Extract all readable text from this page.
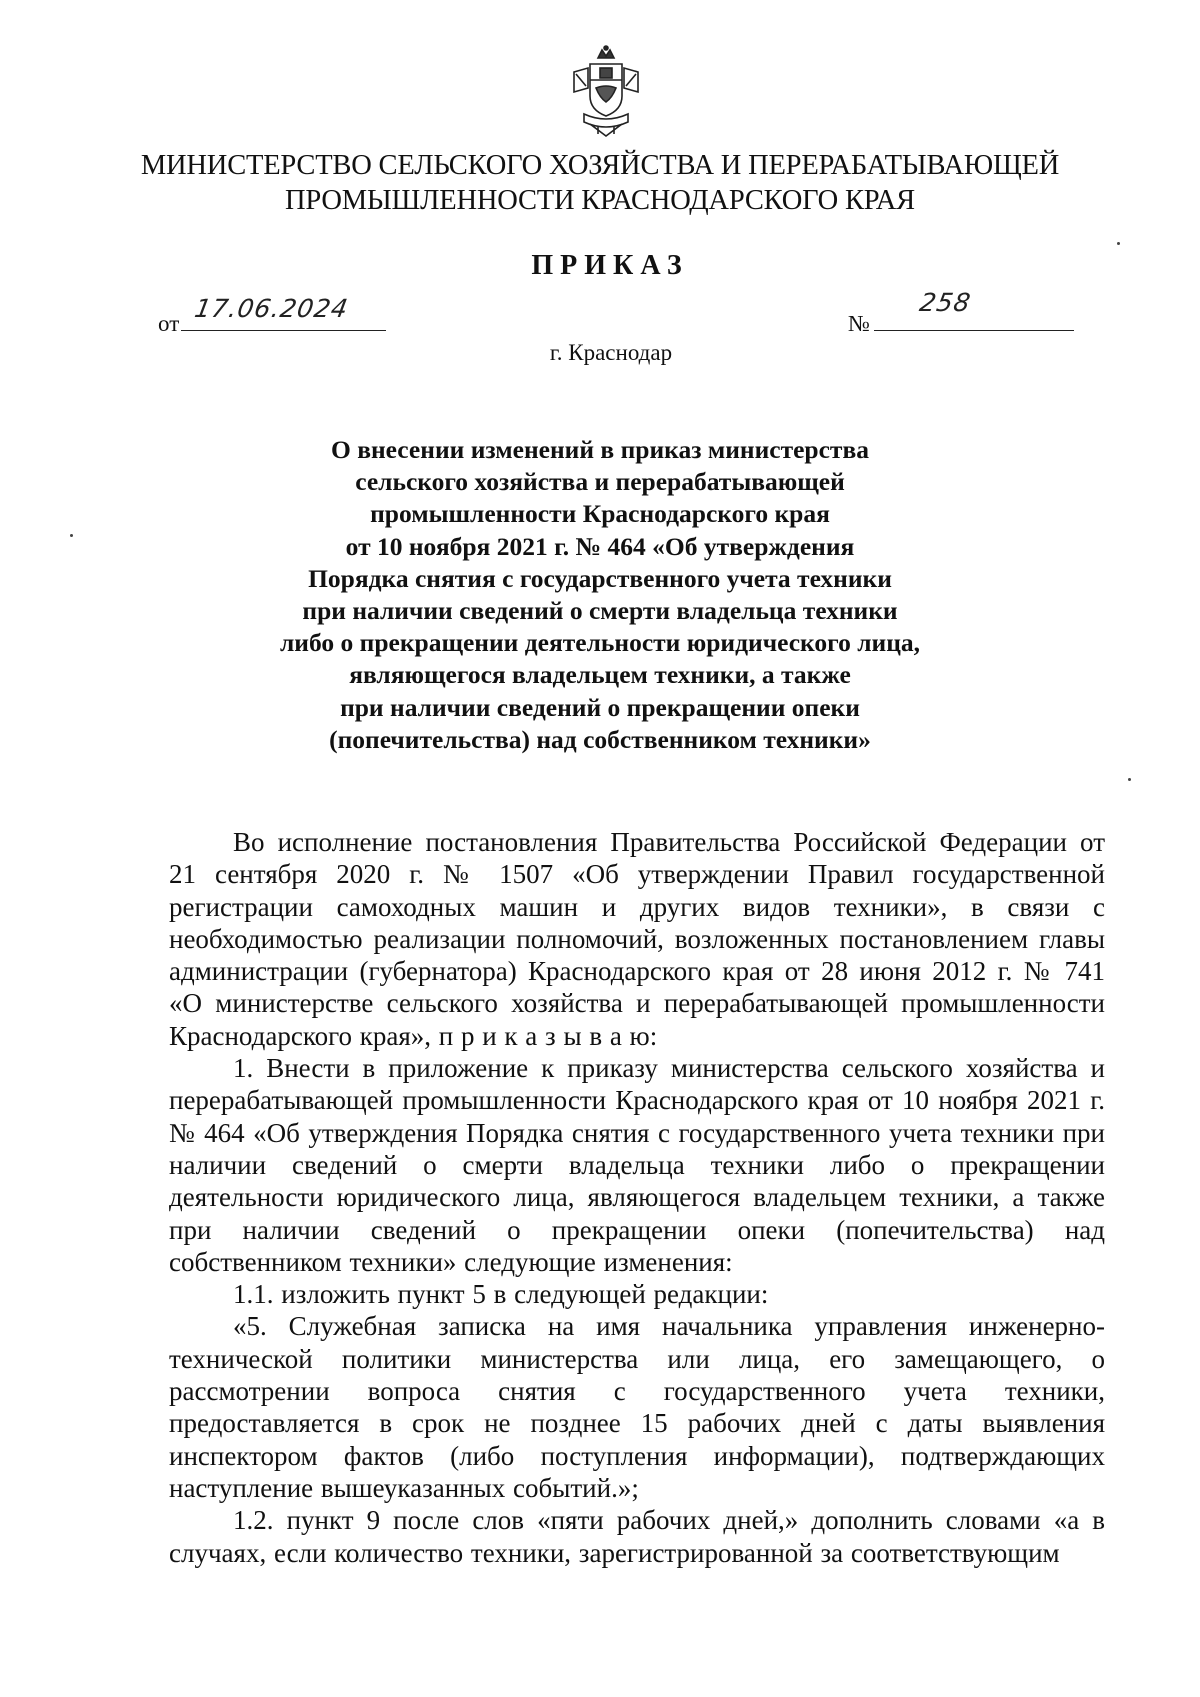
МИНИСТЕРСТВО СЕЛЬСКОГО ХОЗЯЙСТВА И ПЕРЕРАБАТЫВАЮЩЕЙ
ПРОМЫШЛЕННОСТИ КРАСНОДАРСКОГО КРАЯ
ПРИКАЗ
от
17.06.2024
№
258
г. Краснодар
О внесении изменений в приказ министерства
сельского хозяйства и перерабатывающей
промышленности Краснодарского края
от 10 ноября 2021 г. № 464 «Об утверждения
Порядка снятия с государственного учета техники
при наличии сведений о смерти владельца техники
либо о прекращении деятельности юридического лица,
являющегося владельцем техники, а также
при наличии сведений о прекращении опеки
(попечительства) над собственником техники»

Во исполнение постановления Правительства Российской Федерации от 21 сентября 2020 г. № 1507 «Об утверждении Правил государственной регистрации самоходных машин и других видов техники», в связи с необходимостью реализации полномочий, возложенных постановлением главы администрации (губернатора) Краснодарского края от 28 июня 2012 г. № 741 «О министерстве сельского хозяйства и перерабатывающей промышленности Краснодарского края», п р и к а з ы в а ю:

1. Внести в приложение к приказу министерства сельского хозяйства и перерабатывающей промышленности Краснодарского края от 10 ноября 2021 г. № 464 «Об утверждения Порядка снятия с государственного учета техники при наличии сведений о смерти владельца техники либо о прекращении деятельности юридического лица, являющегося владельцем техники, а также при наличии сведений о прекращении опеки (попечительства) над собственником техники» следующие изменения:

1.1. изложить пункт 5 в следующей редакции:

«5. Служебная записка на имя начальника управления инженерно-технической политики министерства или лица, его замещающего, о рассмотрении вопроса снятия с государственного учета техники, предоставляется в срок не позднее 15 рабочих дней с даты выявления инспектором фактов (либо поступления информации), подтверждающих наступление вышеуказанных событий.»;

1.2. пункт 9 после слов «пяти рабочих дней,» дополнить словами «а в случаях, если количество техники, зарегистрированной за соответствующим
